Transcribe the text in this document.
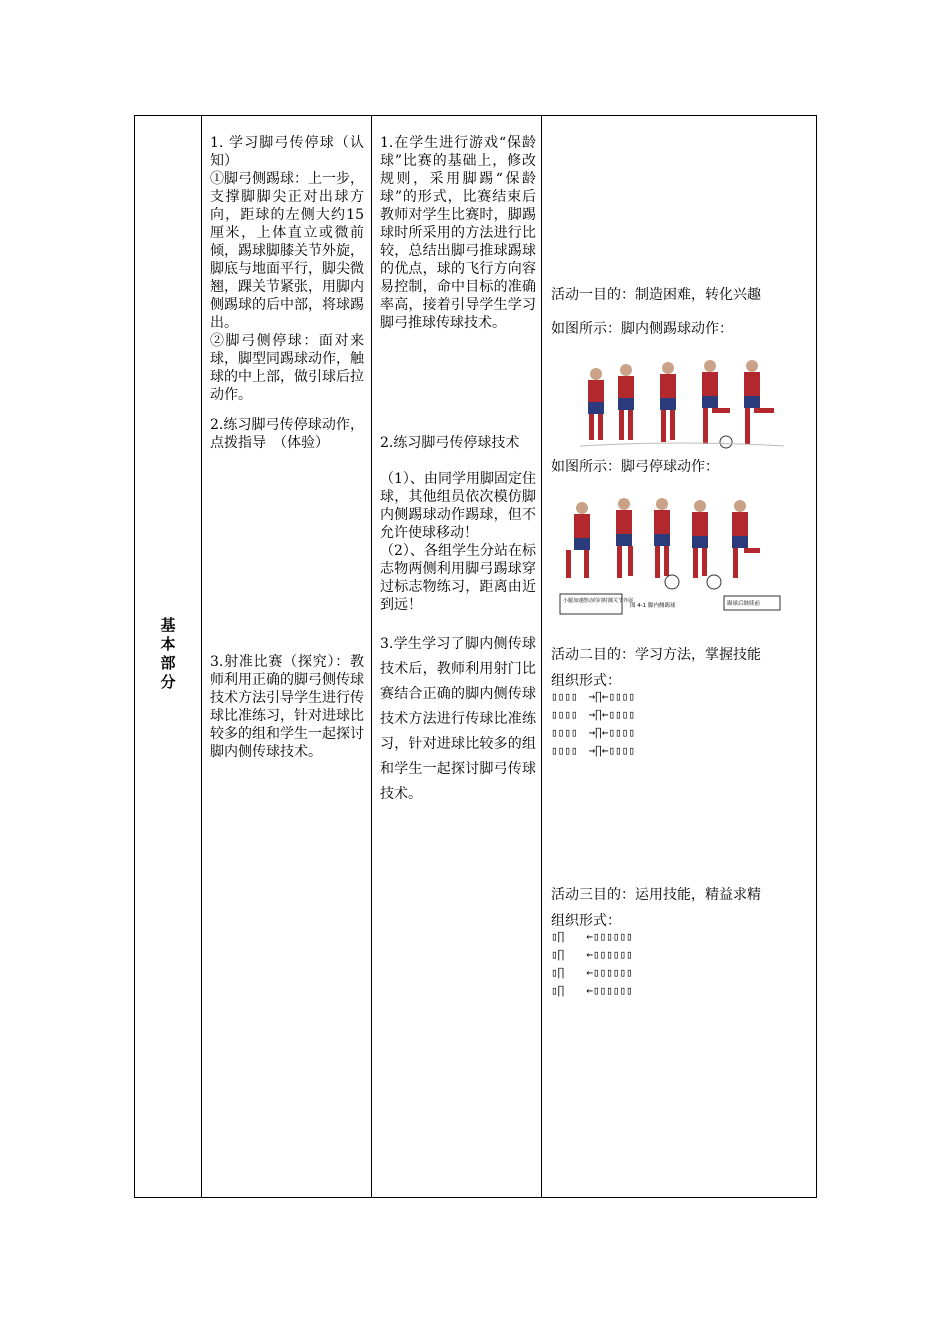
基本部分	
1. 学习脚弓传停球（认知）
①脚弓侧踢球：上一步，支撑脚脚尖正对出球方向，距球的左侧大约15厘米，上体直立或微前倾，踢球脚膝关节外旋，脚底与地面平行，脚尖微翘，踝关节紧张，用脚内侧踢球的后中部，将球踢出。
②脚弓侧停球：面对来球，脚型同踢球动作，触球的中上部，做引球后拉动作。
2.练习脚弓传停球动作，点拨指导　（体验）
3.射准比赛（探究）：教师利用正确的脚弓侧传球技术方法引导学生进行传球比准练习，针对进球比较多的组和学生一起探讨脚内侧传球技术。

1.在学生进行游戏“保龄球”比赛的基础上，修改规则，采用脚踢“保龄球”的形式，比赛结束后教师对学生比赛时，脚踢球时所采用的方法进行比较，总结出脚弓推球踢球的优点，球的飞行方向容易控制，命中目标的准确率高，接着引导学生学习脚弓推球传球技术。
2.练习脚弓传停球技术
（1）、由同学用脚固定住球，其他组员依次模仿脚内侧踢球动作踢球，但不允许使球移动！
（2）、各组学生分站在标志物两侧利用脚弓踢球穿过标志物练习，距离由近到远！
3.学生学习了脚内侧传球技术后，教师利用射门比赛结合正确的脚内侧传球技术方法进行传球比准练习，针对进球比较多的组和学生一起探讨脚弓传球技术。

活动一目的：制造困难，转化兴趣
如图所示：脚内侧踢球动作：
如图所示：脚弓停球动作：
小腿加速摆动的同时踝关节外展
图 4-1 脚内侧踢球	踢球后继续前
活动二目的：学习方法，掌握技能
组织形式：
▯▯▯▯　→∏←▯▯▯▯
▯▯▯▯　→∏←▯▯▯▯
▯▯▯▯　→∏←▯▯▯▯
▯▯▯▯　→∏←▯▯▯▯
活动三目的：运用技能，精益求精
组织形式：
▯∏　　←▯▯▯▯▯▯
▯∏　　←▯▯▯▯▯▯
▯∏　　←▯▯▯▯▯▯
▯∏　　←▯▯▯▯▯▯
